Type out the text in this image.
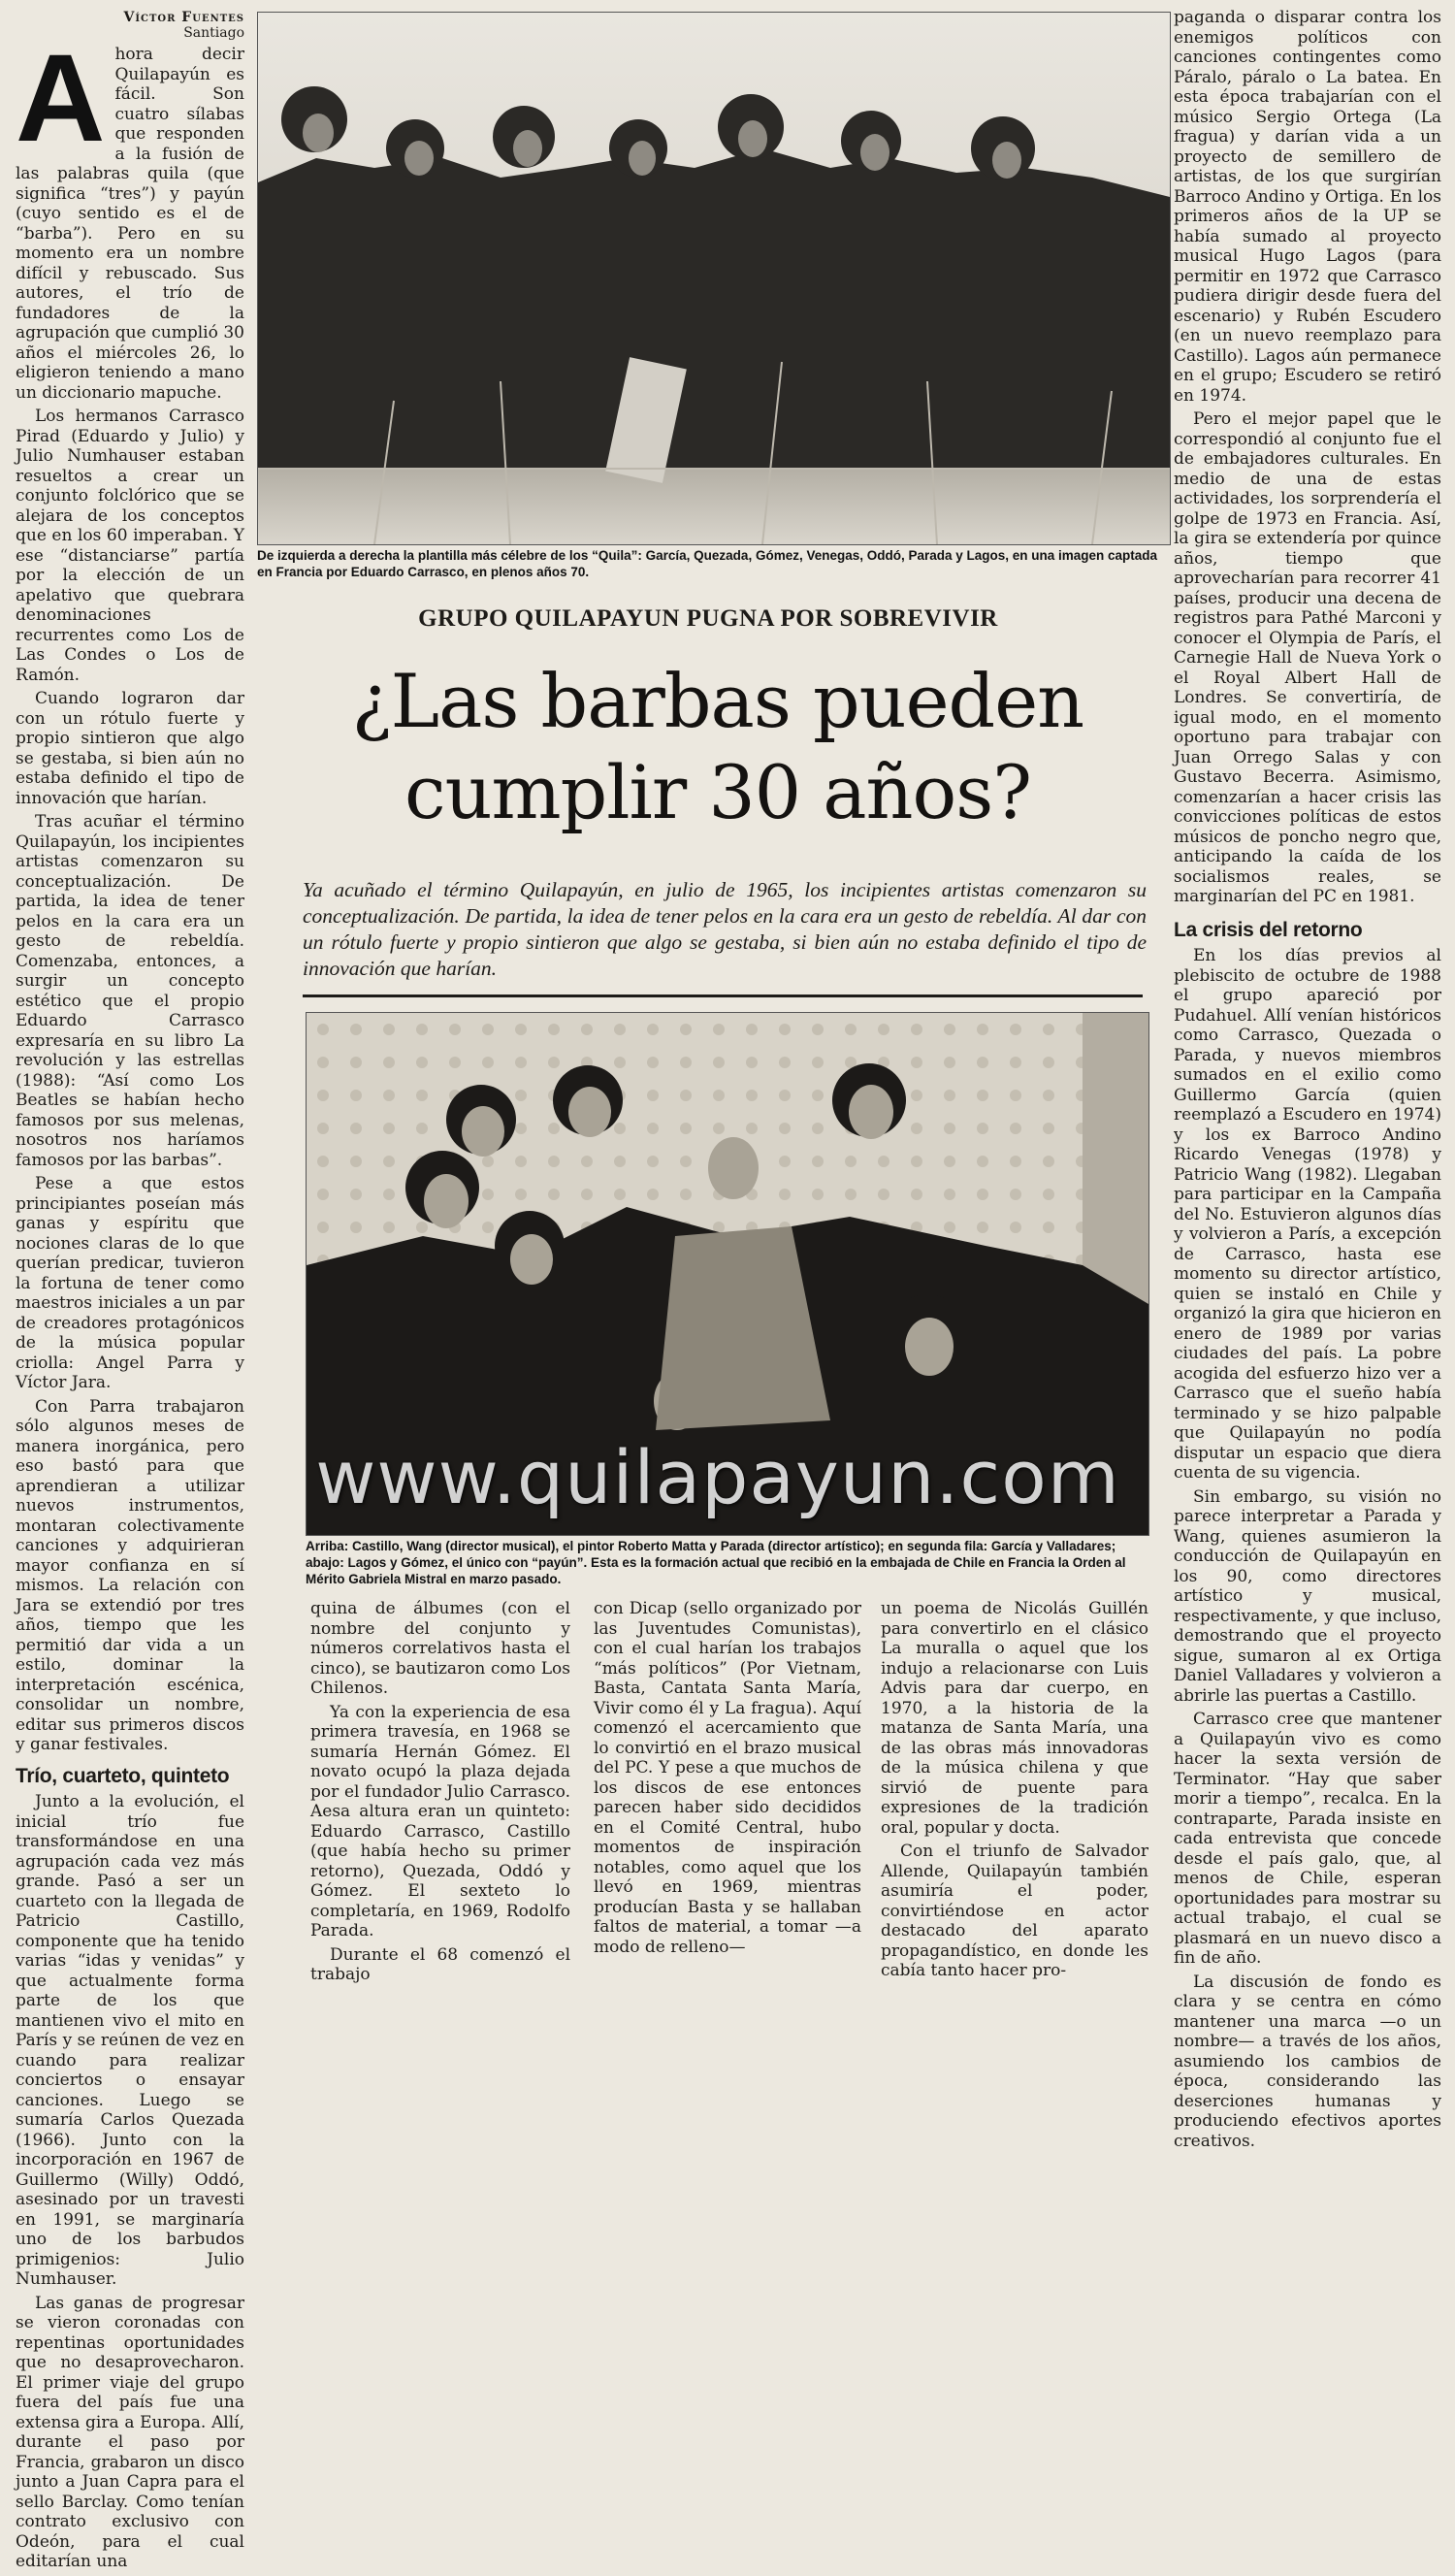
Víctor Fuentes
Santiago

Ahora decir Quilapayún es fácil. Son cuatro sílabas que responden a la fusión de las palabras quila (que significa “tres”) y payún (cuyo sentido es el de “barba”). Pero en su momento era un nombre difícil y rebuscado. Sus autores, el trío de fundadores de la agrupación que cumplió 30 años el miércoles 26, lo eligieron teniendo a mano un diccionario mapuche.

Los hermanos Carrasco Pirad (Eduardo y Julio) y Julio Numhauser estaban resueltos a crear un conjunto folclórico que se alejara de los conceptos que en los 60 imperaban. Y ese “distanciarse” partía por la elección de un apelativo que quebrara denominaciones recurrentes como Los de Las Condes o Los de Ramón.

Cuando lograron dar con un rótulo fuerte y propio sintieron que algo se gestaba, si bien aún no estaba definido el tipo de innovación que harían.

Tras acuñar el término Quilapayún, los incipientes artistas comenzaron su conceptualización. De partida, la idea de tener pelos en la cara era un gesto de rebeldía. Comenzaba, entonces, a surgir un concepto estético que el propio Eduardo Carrasco expresaría en su libro La revolución y las estrellas (1988): “Así como Los Beatles se habían hecho famosos por sus melenas, nosotros nos haríamos famosos por las barbas”.

Pese a que estos principiantes poseían más ganas y espíritu que nociones claras de lo que querían predicar, tuvieron la fortuna de tener como maestros iniciales a un par de creadores protagónicos de la música popular criolla: Angel Parra y Víctor Jara.

Con Parra trabajaron sólo algunos meses de manera inorgánica, pero eso bastó para que aprendieran a utilizar nuevos instrumentos, montaran colectivamente canciones y adquirieran mayor confianza en sí mismos. La relación con Jara se extendió por tres años, tiempo que les permitió dar vida a un estilo, dominar la interpretación escénica, consolidar un nombre, editar sus primeros discos y ganar festivales.

Trío, cuarteto, quinteto

Junto a la evolución, el inicial trío fue transformándose en una agrupación cada vez más grande. Pasó a ser un cuarteto con la llegada de Patricio Castillo, componente que ha tenido varias “idas y venidas” y que actualmente forma parte de los que mantienen vivo el mito en París y se reúnen de vez en cuando para realizar conciertos o ensayar canciones. Luego se sumaría Carlos Quezada (1966). Junto con la incorporación en 1967 de Guillermo (Willy) Oddó, asesinado por un travesti en 1991, se marginaría uno de los barbudos primigenios: Julio Numhauser.

Las ganas de progresar se vieron coronadas con repentinas oportunidades que no desaprovecharon. El primer viaje del grupo fuera del país fue una extensa gira a Europa. Allí, durante el paso por Francia, grabaron un disco junto a Juan Capra para el sello Barclay. Como tenían contrato exclusivo con Odeón, para el cual editarían una

De izquierda a derecha la plantilla más célebre de los “Quila”: García, Quezada, Gómez, Venegas, Oddó, Parada y Lagos, en una imagen captada en Francia por Eduardo Carrasco, en plenos años 70.

paganda o disparar contra los enemigos políticos con canciones contingentes como Páralo, páralo o La batea. En esta época trabajarían con el músico Sergio Ortega (La fragua) y darían vida a un proyecto de semillero de artistas, de los que surgirían Barroco Andino y Ortiga. En los primeros años de la UP se había sumado al proyecto musical Hugo Lagos (para permitir en 1972 que Carrasco pudiera dirigir desde fuera del escenario) y Rubén Escudero (en un nuevo reemplazo para Castillo). Lagos aún permanece en el grupo; Escudero se retiró en 1974.

Pero el mejor papel que le correspondió al conjunto fue el de embajadores culturales. En medio de una de estas actividades, los sorprendería el golpe de 1973 en Francia. Así, la gira se extendería por quince años, tiempo que aprovecharían para recorrer 41 países, producir una decena de registros para Pathé Marconi y conocer el Olympia de París, el Carnegie Hall de Nueva York o el Royal Albert Hall de Londres. Se convertiría, de igual modo, en el momento oportuno para trabajar con Juan Orrego Salas y con Gustavo Becerra. Asimismo, comenzarían a hacer crisis las convicciones políticas de estos músicos de poncho negro que, anticipando la caída de los socialismos reales, se marginarían del PC en 1981.

La crisis del retorno

En los días previos al plebiscito de octubre de 1988 el grupo apareció por Pudahuel. Allí venían históricos como Carrasco, Quezada o Parada, y nuevos miembros sumados en el exilio como Guillermo García (quien reemplazó a Escudero en 1974) y los ex Barroco Andino Ricardo Venegas (1978) y Patricio Wang (1982). Llegaban para participar en la Campaña del No. Estuvieron algunos días y volvieron a París, a excepción de Carrasco, hasta ese momento su director artístico, quien se instaló en Chile y organizó la gira que hicieron en enero de 1989 por varias ciudades del país. La pobre acogida del esfuerzo hizo ver a Carrasco que el sueño había terminado y se hizo palpable que Quilapayún no podía disputar un espacio que diera cuenta de su vigencia.

Sin embargo, su visión no parece interpretar a Parada y Wang, quienes asumieron la conducción de Quilapayún en los 90, como directores artístico y musical, respectivamente, y que incluso, demostrando que el proyecto sigue, sumaron al ex Ortiga Daniel Valladares y volvieron a abrirle las puertas a Castillo.

Carrasco cree que mantener a Quilapayún vivo es como hacer la sexta versión de Terminator. “Hay que saber morir a tiempo”, recalca. En la contraparte, Parada insiste en cada entrevista que concede desde el país galo, que, al menos de Chile, esperan oportunidades para mostrar su actual trabajo, el cual se plasmará en un nuevo disco a fin de año.

La discusión de fondo es clara y se centra en cómo mantener una marca —o un nombre— a través de los años, asumiendo los cambios de época, considerando las deserciones humanas y produciendo efectivos aportes creativos.

GRUPO QUILAPAYUN PUGNA POR SOBREVIVIR
¿Las barbas pueden cumplir 30 años?
Ya acuñado el término Quilapayún, en julio de 1965, los incipientes artistas comenzaron su conceptualización. De partida, la idea de tener pelos en la cara era un gesto de rebeldía. Al dar con un rótulo fuerte y propio sintieron que algo se gestaba, si bien aún no estaba definido el tipo de innovación que harían.
www.quilapayun.com
Arriba: Castillo, Wang (director musical), el pintor Roberto Matta y Parada (director artístico); en segunda fila: García y Valladares; abajo: Lagos y Gómez, el único con “payún”. Esta es la formación actual que recibió en la embajada de Chile en Francia la Orden al Mérito Gabriela Mistral en marzo pasado.

quina de álbumes (con el nombre del conjunto y números correlativos hasta el cinco), se bautizaron como Los Chilenos.

Ya con la experiencia de esa primera travesía, en 1968 se sumaría Hernán Gómez. El novato ocupó la plaza dejada por el fundador Julio Carrasco. Aesa altura eran un quinteto: Eduardo Carrasco, Castillo (que había hecho su primer retorno), Quezada, Oddó y Gómez. El sexteto lo completaría, en 1969, Rodolfo Parada.

Durante el 68 comenzó el trabajo

con Dicap (sello organizado por las Juventudes Comunistas), con el cual harían los trabajos “más políticos” (Por Vietnam, Basta, Cantata Santa María, Vivir como él y La fragua). Aquí comenzó el acercamiento que lo convirtió en el brazo musical del PC. Y pese a que muchos de los discos de ese entonces parecen haber sido decididos en el Comité Central, hubo momentos de inspiración notables, como aquel que los llevó en 1969, mientras producían Basta y se hallaban faltos de material, a tomar —a modo de relleno—

un poema de Nicolás Guillén para convertirlo en el clásico La muralla o aquel que los indujo a relacionarse con Luis Advis para dar cuerpo, en 1970, a la historia de la matanza de Santa María, una de las obras más innovadoras de la música chilena y que sirvió de puente para expresiones de la tradición oral, popular y docta.

Con el triunfo de Salvador Allende, Quilapayún también asumiría el poder, convirtiéndose en actor destacado del aparato propagandístico, en donde les cabía tanto hacer pro-
